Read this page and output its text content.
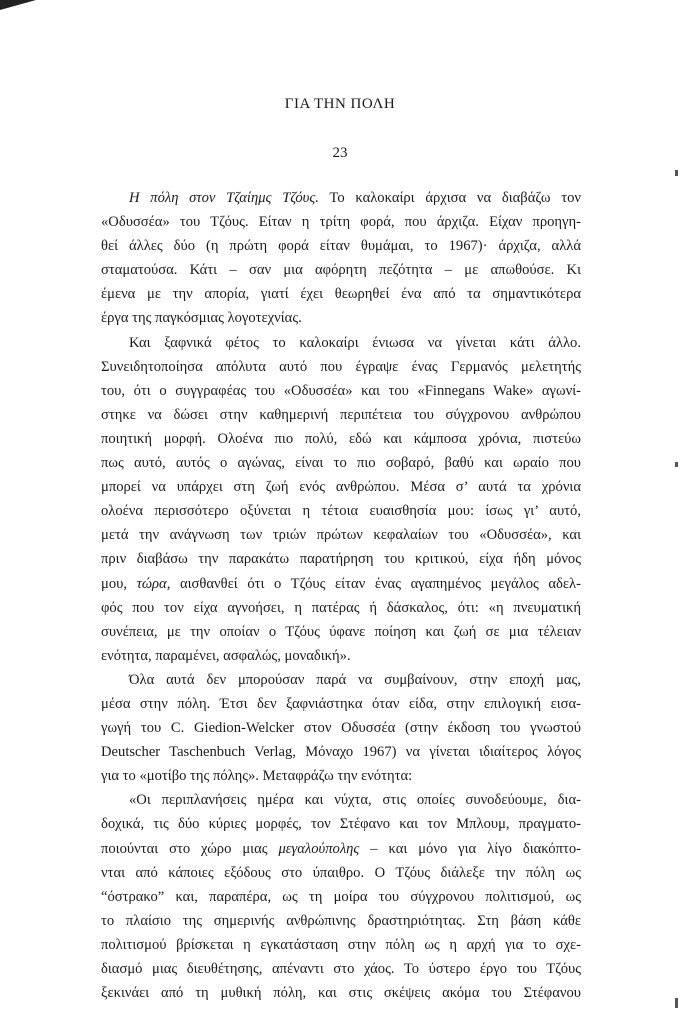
ΓΙΑ ΤΗΝ ΠΟΛΗ
23
Η πόλη στον Τζαίημς Τζόυς. Το καλοκαίρι άρχισα να διαβάζω τον
«Οδυσσέα» του Τζόυς. Είταν η τρίτη φορά, που άρχιζα. Είχαν προηγη-
θεί άλλες δύο (η πρώτη φορά είταν θυμάμαι, το 1967)· άρχιζα, αλλά
σταματούσα. Κάτι – σαν μια αφόρητη πεζότητα – με απωθούσε. Κι
έμενα με την απορία, γιατί έχει θεωρηθεί ένα από τα σημαντικότερα
έργα της παγκόσμιας λογοτεχνίας.
Και ξαφνικά φέτος το καλοκαίρι ένιωσα να γίνεται κάτι άλλο.
Συνειδητοποίησα απόλυτα αυτό που έγραψε ένας Γερμανός μελετητής
του, ότι ο συγγραφέας του «Οδυσσέα» και του «Finnegans Wake» αγωνί-
στηκε να δώσει στην καθημερινή περιπέτεια του σύγχρονου ανθρώπου
ποιητική μορφή. Ολοένα πιο πολύ, εδώ και κάμποσα χρόνια, πιστεύω
πως αυτό, αυτός ο αγώνας, είναι το πιο σοβαρό, βαθύ και ωραίο που
μπορεί να υπάρχει στη ζωή ενός ανθρώπου. Μέσα σ’ αυτά τα χρόνια
ολοένα περισσότερο οξύνεται η τέτοια ευαισθησία μου: ίσως γι’ αυτό,
μετά την ανάγνωση των τριών πρώτων κεφαλαίων του «Οδυσσέα», και
πριν διαβάσω την παρακάτω παρατήρηση του κριτικού, είχα ήδη μόνος
μου, τώρα, αισθανθεί ότι ο Τζόυς είταν ένας αγαπημένος μεγάλος αδελ-
φός που τον είχα αγνοήσει, η πατέρας ή δάσκαλος, ότι: «η πνευματική
συνέπεια, με την οποίαν ο Τζόυς ύφανε ποίηση και ζωή σε μια τέλειαν
ενότητα, παραμένει, ασφαλώς, μοναδική».
Όλα αυτά δεν μπορούσαν παρά να συμβαίνουν, στην εποχή μας,
μέσα στην πόλη. Έτσι δεν ξαφνιάστηκα όταν είδα, στην επιλογική εισα-
γωγή του C. Giedion-Welcker στον Οδυσσέα (στην έκδοση του γνωστού
Deutscher Taschenbuch Verlag, Μόναχο 1967) να γίνεται ιδιαίτερος λόγος
για το «μοτίβο της πόλης». Μεταφράζω την ενότητα:
«Οι περιπλανήσεις ημέρα και νύχτα, στις οποίες συνοδεύουμε, δια-
δοχικά, τις δύο κύριες μορφές, τον Στέφανο και τον Μπλουμ, πραγματο-
ποιούνται στο χώρο μιας μεγαλούπολης – και μόνο για λίγο διακόπτο-
νται από κάποιες εξόδους στο ύπαιθρο. Ο Τζόυς διάλεξε την πόλη ως
“όστρακο” και, παραπέρα, ως τη μοίρα του σύγχρονου πολιτισμού, ως
το πλαίσιο της σημερινής ανθρώπινης δραστηριότητας. Στη βάση κάθε
πολιτισμού βρίσκεται η εγκατάσταση στην πόλη ως η αρχή για το σχε-
διασμό μιας διευθέτησης, απέναντι στο χάος. Το ύστερο έργο του Τζόυς
ξεκινάει από τη μυθική πόλη, και στις σκέψεις ακόμα του Στέφανου
